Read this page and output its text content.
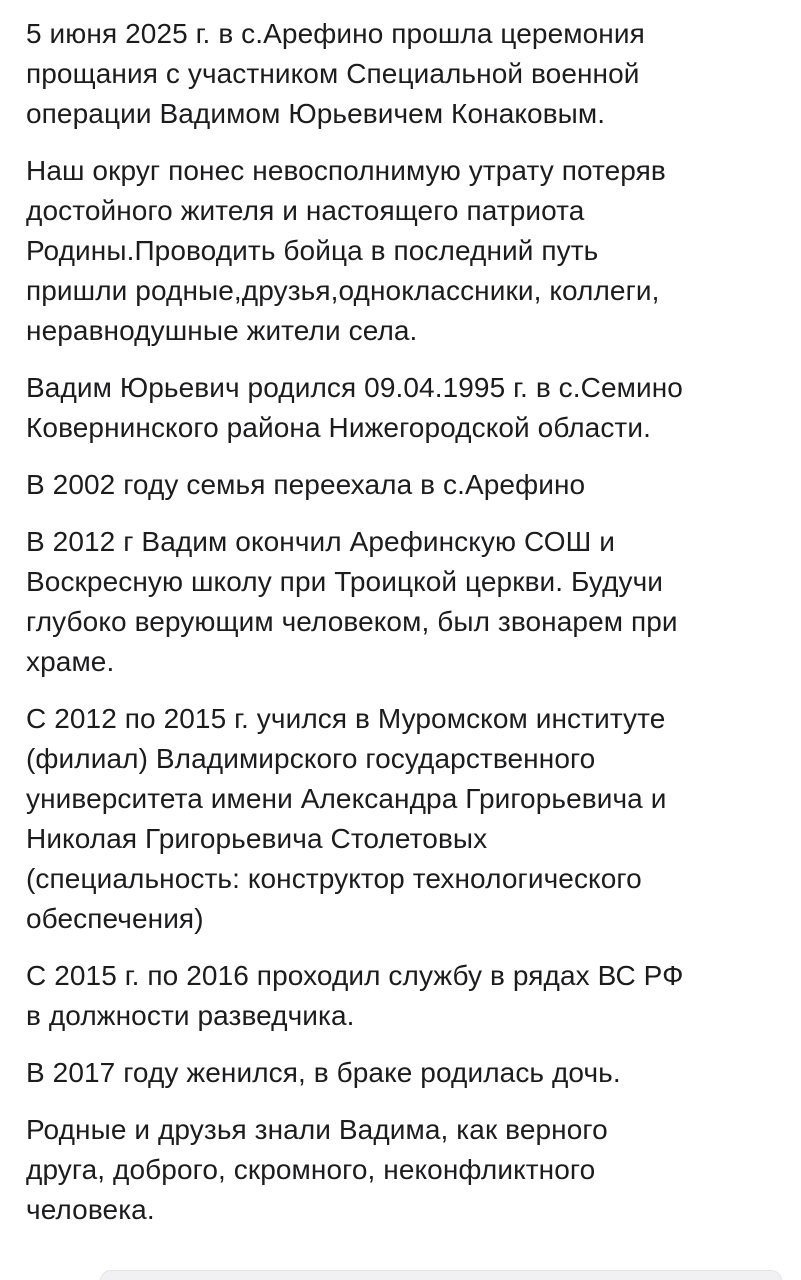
5 июня 2025 г. в с.Арефино прошла церемония
прощания с участником Специальной военной
операции Вадимом Юрьевичем Конаковым.

Наш округ понес невосполнимую утрату потеряв
достойного жителя и настоящего патриота
Родины.Проводить бойца в последний путь
пришли родные,друзья,одноклассники, коллеги,
неравнодушные жители села.

Вадим Юрьевич родился 09.04.1995 г. в с.Семино
Ковернинского района Нижегородской области.

В 2002 году семья переехала в с.Арефино

В 2012 г Вадим окончил Арефинскую СОШ и
Воскресную школу при Троицкой церкви. Будучи
глубоко верующим человеком, был звонарем при
храме.

С 2012 по 2015 г. учился в Муромском институте
(филиал) Владимирского государственного
университета имени Александра Григорьевича и
Николая Григорьевича Столетовых
(специальность: конструктор технологического
обеспечения)

С 2015 г. по 2016 проходил службу в рядах ВС РФ
в должности разведчика.

В 2017 году женился, в браке родилась дочь.

Родные и друзья знали Вадима, как верного
друга, доброго, скромного, неконфликтного
человека.
